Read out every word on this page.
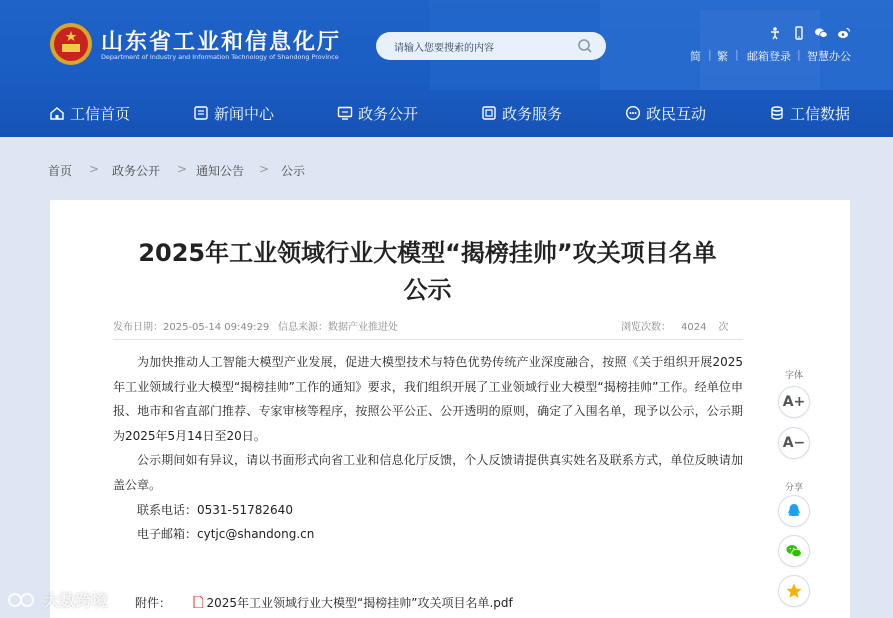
山东省工业和信息化厅
Department of Industry and Information Technology of Shandong Province
请输入您要搜索的内容
简 | 繁 | 邮箱登录 | 智慧办公
工信首页	新闻中心	政务公开	政务服务	政民互动	工信数据
首页 > 政务公开 > 通知公告 > 公示
2025年工业领域行业大模型“揭榜挂帅”攻关项目名单
公示
发布日期：2025-05-14 09:49:29 信息来源：数据产业推进处	浏览次数： 4024 次

为加快推动人工智能大模型产业发展，促进大模型技术与特色优势传统产业深度融合，按照《关于组织开展2025年工业领域行业大模型“揭榜挂帅”工作的通知》要求，我们组织开展了工业领域行业大模型“揭榜挂帅”工作。经单位申报、地市和省直部门推荐、专家审核等程序，按照公平公正、公开透明的原则，确定了入围名单，现予以公示，公示期为2025年5月14日至20日。

公示期间如有异议，请以书面形式向省工业和信息化厅反馈，个人反馈请提供真实姓名及联系方式，单位反映请加盖公章。

联系电话：0531-51782640

电子邮箱：cytjc@shandong.cn

附件：	2025年工业领域行业大模型“揭榜挂帅”攻关项目名单.pdf
字体
A+
A−
分享
大数跨境
